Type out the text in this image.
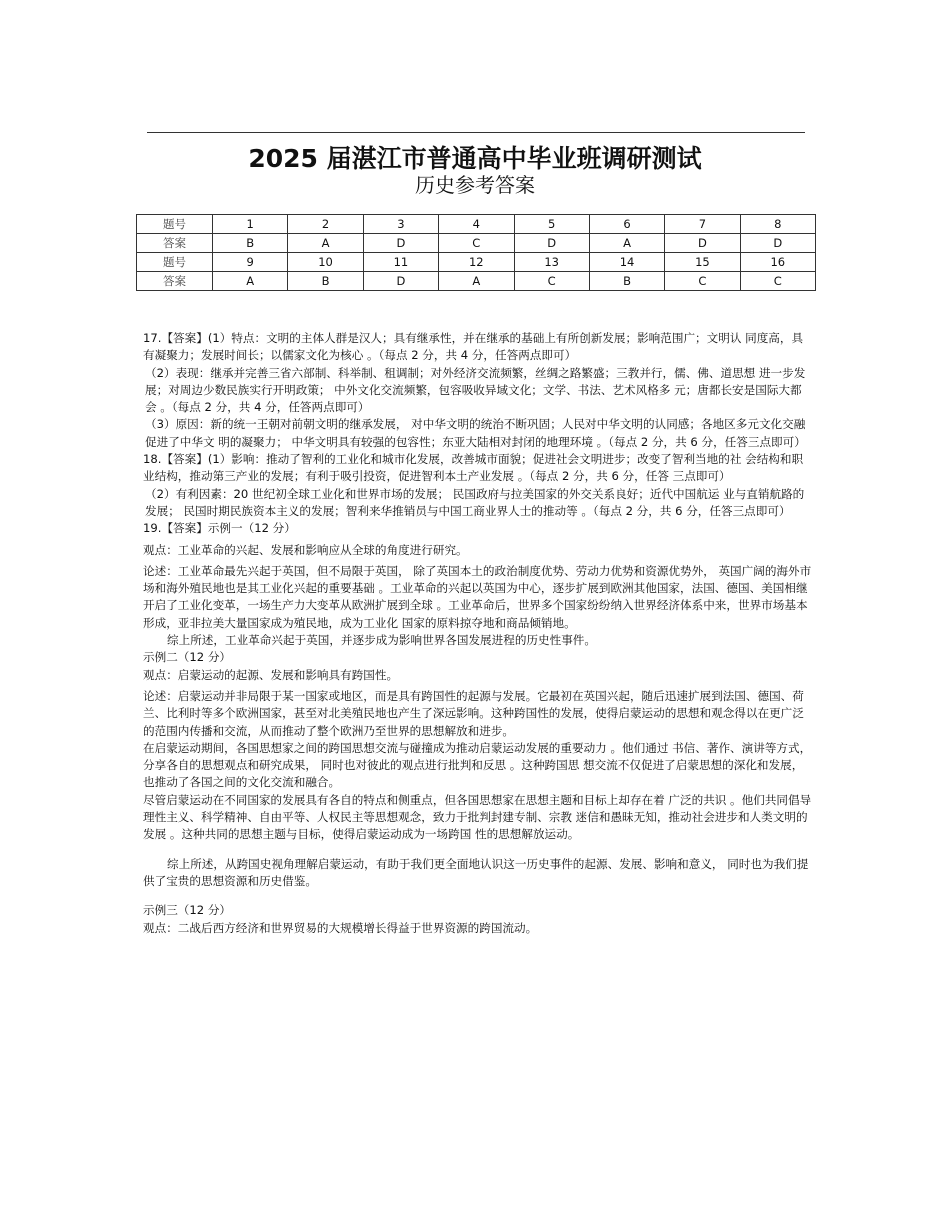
2025 届湛江市普通高中毕业班调研测试
历史参考答案
题号	1	2	3	4	5	6	7	8
答案	B	A	D	C	D	A	D	D
题号	9	10	11	12	13	14	15	16
答案	A	B	D	A	C	B	C	C

17.【答案】(1）特点：文明的主体人群是汉人；具有继承性，并在继承的基础上有所创新发展；影响范围广；文明认 同度高，具有凝聚力；发展时间长；以儒家文化为核心 。（每点 2 分，共 4 分，任答两点即可）

（2）表现：继承并完善三省六部制、科举制、租调制；对外经济交流频繁，丝绸之路繁盛；三教并行，儒、佛、道思想 进一步发展；对周边少数民族实行开明政策； 中外文化交流频繁，包容吸收异域文化；文学、书法、艺术风格多 元；唐都长安是国际大都会 。（每点 2 分，共 4 分，任答两点即可）

（3）原因：新的统一王朝对前朝文明的继承发展， 对中华文明的统治不断巩固；人民对中华文明的认同感；各地区多元文化交融促进了中华文 明的凝聚力； 中华文明具有较强的包容性；东亚大陆相对封闭的地理环境 。（每点 2 分，共 6 分，任答三点即可）

18.【答案】(1）影响：推动了智利的工业化和城市化发展，改善城市面貌；促进社会文明进步；改变了智利当地的社 会结构和职业结构，推动第三产业的发展；有利于吸引投资，促进智利本土产业发展 。（每点 2 分，共 6 分，任答 三点即可）

（2）有利因素：20 世纪初全球工业化和世界市场的发展； 民国政府与拉美国家的外交关系良好；近代中国航运 业与直销航路的发展； 民国时期民族资本主义的发展；智利来华推销员与中国工商业界人士的推动等 。（每点 2 分，共 6 分，任答三点即可）

19.【答案】示例一（12 分）

观点：工业革命的兴起、发展和影响应从全球的角度进行研究。

论述：工业革命最先兴起于英国，但不局限于英国， 除了英国本土的政治制度优势、劳动力优势和资源优势外， 英国广阔的海外市场和海外殖民地也是其工业化兴起的重要基础 。工业革命的兴起以英国为中心，逐步扩展到欧洲其他国家，法国、德国、美国相继开启了工业化变革，一场生产力大变革从欧洲扩展到全球 。工业革命后，世界多个国家纷纷纳入世界经济体系中来，世界市场基本形成，亚非拉美大量国家成为殖民地，成为工业化 国家的原料掠夺地和商品倾销地。

综上所述，工业革命兴起于英国，并逐步成为影响世界各国发展进程的历史性事件。

示例二（12 分）

观点：启蒙运动的起源、发展和影响具有跨国性。

论述：启蒙运动并非局限于某一国家或地区，而是具有跨国性的起源与发展。它最初在英国兴起，随后迅速扩展到法国、德国、荷兰、比利时等多个欧洲国家，甚至对北美殖民地也产生了深远影响。这种跨国性的发展，使得启蒙运动的思想和观念得以在更广泛的范围内传播和交流，从而推动了整个欧洲乃至世界的思想解放和进步。

在启蒙运动期间，各国思想家之间的跨国思想交流与碰撞成为推动启蒙运动发展的重要动力 。他们通过 书信、著作、演讲等方式，分享各自的思想观点和研究成果， 同时也对彼此的观点进行批判和反思 。这种跨国思 想交流不仅促进了启蒙思想的深化和发展，也推动了各国之间的文化交流和融合。

尽管启蒙运动在不同国家的发展具有各自的特点和侧重点，但各国思想家在思想主题和目标上却存在着 广泛的共识 。他们共同倡导理性主义、科学精神、自由平等、人权民主等思想观念，致力于批判封建专制、宗教 迷信和愚昧无知，推动社会进步和人类文明的发展 。这种共同的思想主题与目标，使得启蒙运动成为一场跨国 性的思想解放运动。

综上所述，从跨国史视角理解启蒙运动，有助于我们更全面地认识这一历史事件的起源、发展、影响和意义， 同时也为我们提供了宝贵的思想资源和历史借鉴。

示例三（12 分）

观点：二战后西方经济和世界贸易的大规模增长得益于世界资源的跨国流动。
